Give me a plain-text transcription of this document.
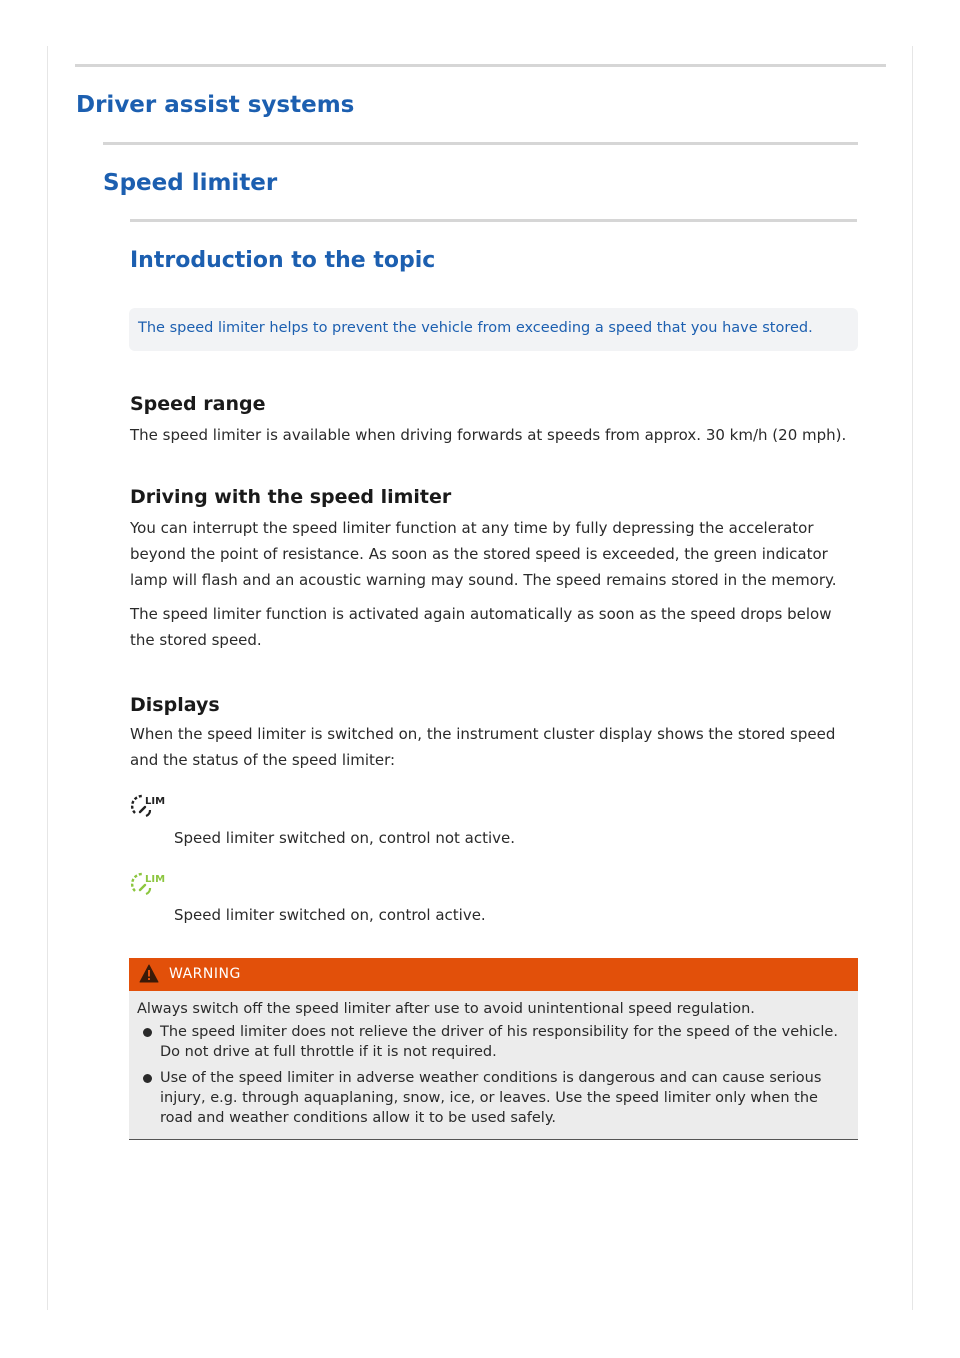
Driver assist systems
Speed limiter
Introduction to the topic

The speed limiter helps to prevent the vehicle from exceeding a speed that you have stored.

Speed range

The speed limiter is available when driving forwards at speeds from approx. 30 km/h (20 mph).

Driving with the speed limiter

You can interrupt the speed limiter function at any time by fully depressing the accelerator beyond the point of resistance. As soon as the stored speed is exceeded, the green indicator lamp will flash and an acoustic warning may sound. The speed remains stored in the memory.

The speed limiter function is activated again automatically as soon as the speed drops below the stored speed.

Displays

When the speed limiter is switched on, the instrument cluster display shows the stored speed and the status of the speed limiter:

LIM

Speed limiter switched on, control not active.

LIM

Speed limiter switched on, control active.

WARNING

Always switch off the speed limiter after use to avoid unintentional speed regulation.

The speed limiter does not relieve the driver of his responsibility for the speed of the vehicle. Do not drive at full throttle if it is not required.
Use of the speed limiter in adverse weather conditions is dangerous and can cause serious injury, e.g. through aquaplaning, snow, ice, or leaves. Use the speed limiter only when the road and weather conditions allow it to be used safely.
